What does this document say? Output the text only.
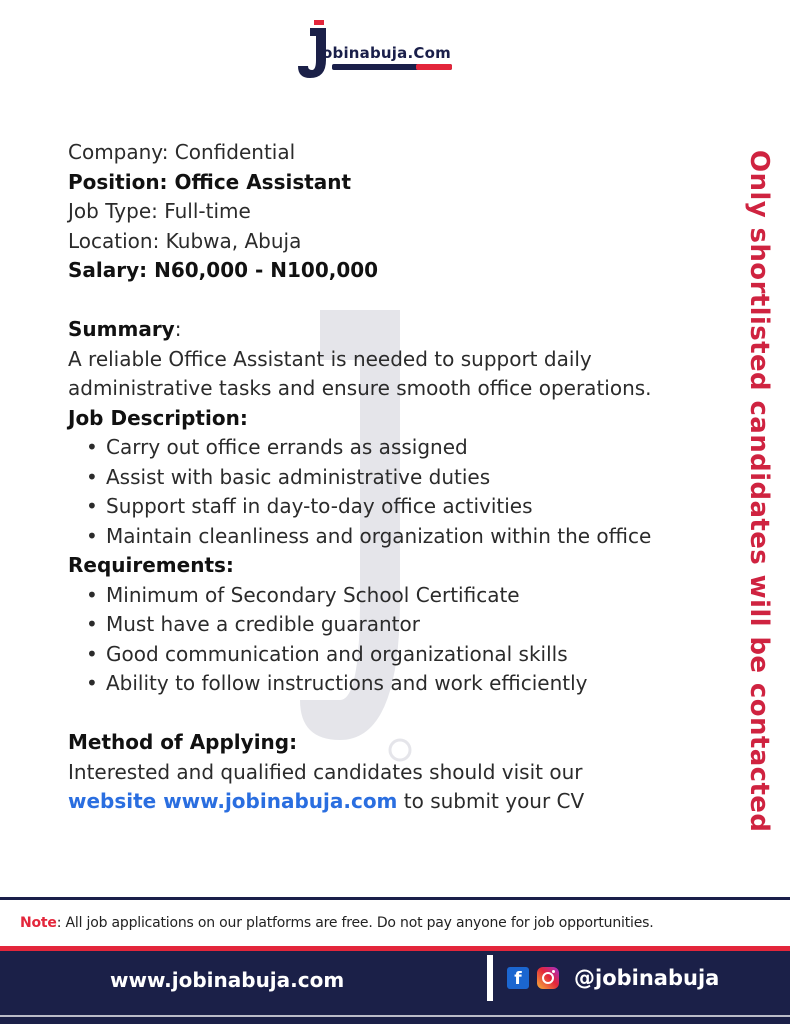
obinabuja.Com

Company: Confidential

Position: Office Assistant

Job Type: Full-time

Location: Kubwa, Abuja

Salary: N60,000 - N100,000

Summary:

A reliable Office Assistant is needed to support daily administrative tasks and ensure smooth office operations.

Job Description:

• Carry out office errands as assigned
• Assist with basic administrative duties
• Support staff in day-to-day office activities
• Maintain cleanliness and organization within the office

Requirements:

• Minimum of Secondary School Certificate
• Must have a credible guarantor
• Good communication and organizational skills
• Ability to follow instructions and work efficiently

Method of Applying:

Interested and qualified candidates should visit our

website www.jobinabuja.com to submit your CV	Only shortlisted candidates will be contacted
Note: All job applications on our platforms are free. Do not pay anyone for job opportunities.
www.jobinabuja.com	f	@jobinabuja
